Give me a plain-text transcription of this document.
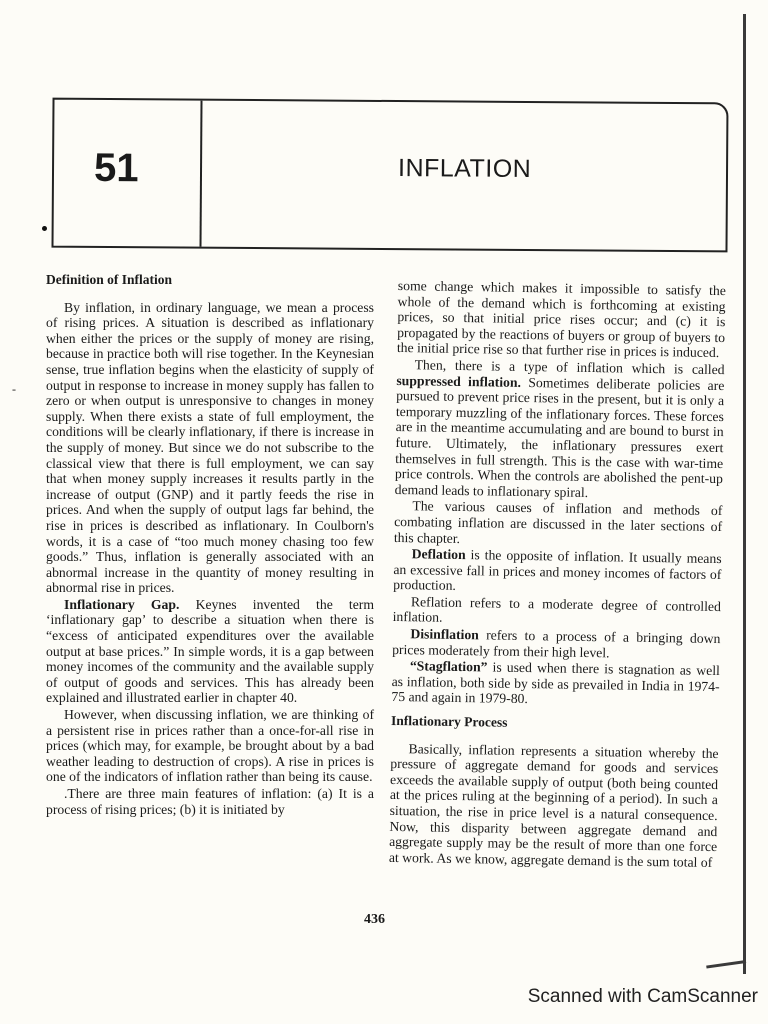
51	INFLATION
-
Definition of Inflation

By inflation, in ordinary language, we mean a process of rising prices. A situation is described as inflationary when either the prices or the supply of money are rising, because in practice both will rise together. In the Keynesian sense, true inflation begins when the elasticity of supply of output in response to increase in money supply has fallen to zero or when output is unresponsive to changes in money supply. When there exists a state of full employment, the conditions will be clearly inflationary, if there is increase in the supply of money. But since we do not subscribe to the classical view that there is full employment, we can say that when money supply increases it results partly in the increase of output (GNP) and it partly feeds the rise in prices. And when the supply of output lags far behind, the rise in prices is described as inflationary. In Coulborn's words, it is a case of “too much money chasing too few goods.” Thus, inflation is generally associated with an abnormal increase in the quantity of money resulting in abnormal rise in prices.

Inflationary Gap. Keynes invented the term ‘inflationary gap’ to describe a situation when there is “excess of anticipated expenditures over the available output at base prices.” In simple words, it is a gap between money incomes of the community and the available supply of output of goods and services. This has already been explained and illustrated earlier in chapter 40.

However, when discussing inflation, we are thinking of a persistent rise in prices rather than a once-for-all rise in prices (which may, for example, be brought about by a bad weather leading to destruction of crops). A rise in prices is one of the indicators of inflation rather than being its cause.

.There are three main features of inflation: (a) It is a process of rising prices; (b) it is initiated by

some change which makes it impossible to satisfy the whole of the demand which is forthcoming at existing prices, so that initial price rises occur; and (c) it is propagated by the reactions of buyers or group of buyers to the initial price rise so that further rise in prices is induced.

Then, there is a type of inflation which is called suppressed inflation. Sometimes deliberate policies are pursued to prevent price rises in the present, but it is only a temporary muzzling of the inflationary forces. These forces are in the meantime accumulating and are bound to burst in future. Ultimately, the inflationary pressures exert themselves in full strength. This is the case with war-time price controls. When the controls are abolished the pent-up demand leads to inflationary spiral.

The various causes of inflation and methods of combating inflation are discussed in the later sections of this chapter.

Deflation is the opposite of inflation. It usually means an excessive fall in prices and money incomes of factors of production.

Reflation refers to a moderate degree of controlled inflation.

Disinflation refers to a process of a bringing down prices moderately from their high level.

“Stagflation” is used when there is stagnation as well as inflation, both side by side as prevailed in India in 1974-75 and again in 1979-80.

Inflationary Process

Basically, inflation represents a situation whereby the pressure of aggregate demand for goods and services exceeds the available supply of output (both being counted at the prices ruling at the beginning of a period). In such a situation, the rise in price level is a natural consequence. Now, this disparity between aggregate demand and aggregate supply may be the result of more than one force at work. As we know, aggregate demand is the sum total of

436
Scanned with CamScanner
